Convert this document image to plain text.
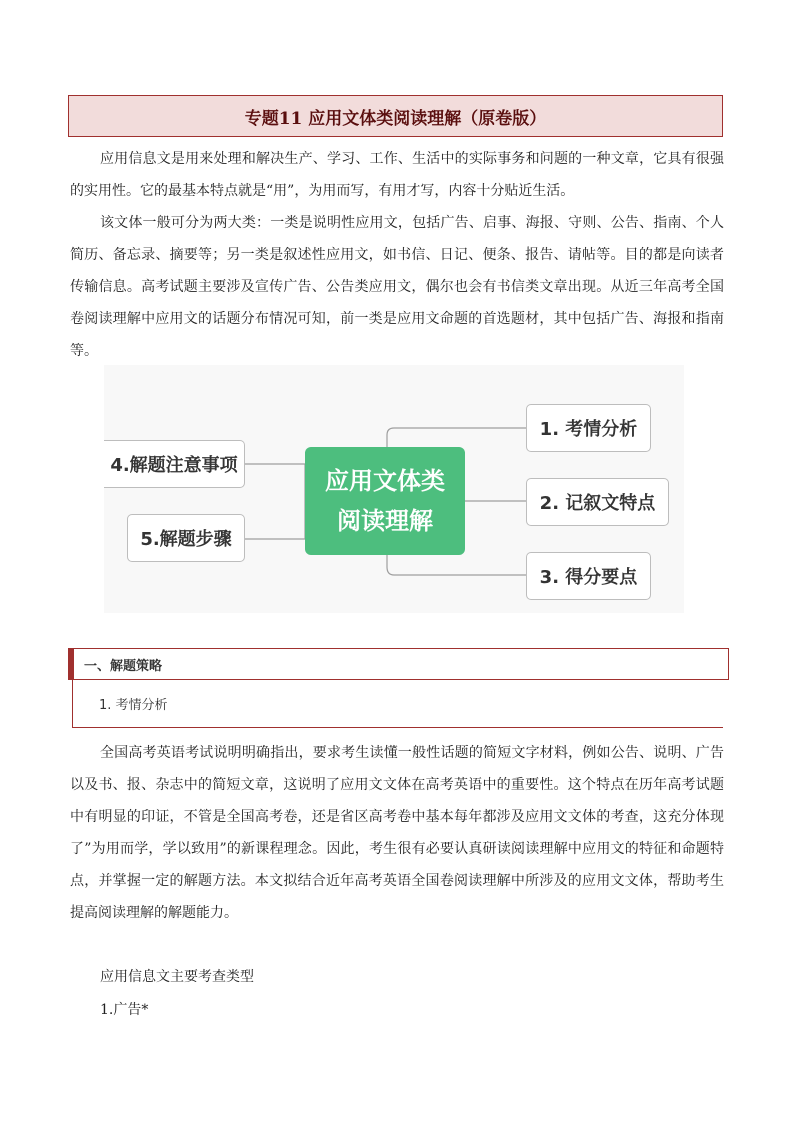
专题11 应用文体类阅读理解（原卷版）

应用信息文是用来处理和解决生产、学习、工作、生活中的实际事务和问题的一种文章，它具有很强的实用性。它的最基本特点就是“用”，为用而写，有用才写，内容十分贴近生活。

该文体一般可分为两大类：一类是说明性应用文，包括广告、启事、海报、守则、公告、指南、个人简历、备忘录、摘要等；另一类是叙述性应用文，如书信、日记、便条、报告、请帖等。目的都是向读者传输信息。高考试题主要涉及宣传广告、公告类应用文，偶尔也会有书信类文章出现。从近三年高考全国卷阅读理解中应用文的话题分布情况可知，前一类是应用文命题的首选题材，其中包括广告、海报和指南等。

应用文体类
阅读理解
1. 考情分析
2. 记叙文特点
3. 得分要点
4.解题注意事项
5.解题步骤
一、解题策略
1. 考情分析

全国高考英语考试说明明确指出，要求考生读懂一般性话题的简短文字材料，例如公告、说明、广告以及书、报、杂志中的简短文章，这说明了应用文文体在高考英语中的重要性。这个特点在历年高考试题中有明显的印证，不管是全国高考卷，还是省区高考卷中基本每年都涉及应用文文体的考查，这充分体现了”为用而学，学以致用”的新课程理念。因此，考生很有必要认真研读阅读理解中应用文的特征和命题特点，并掌握一定的解题方法。本文拟结合近年高考英语全国卷阅读理解中所涉及的应用文文体，帮助考生提高阅读理解的解题能力。

应用信息文主要考查类型
1.广告*
